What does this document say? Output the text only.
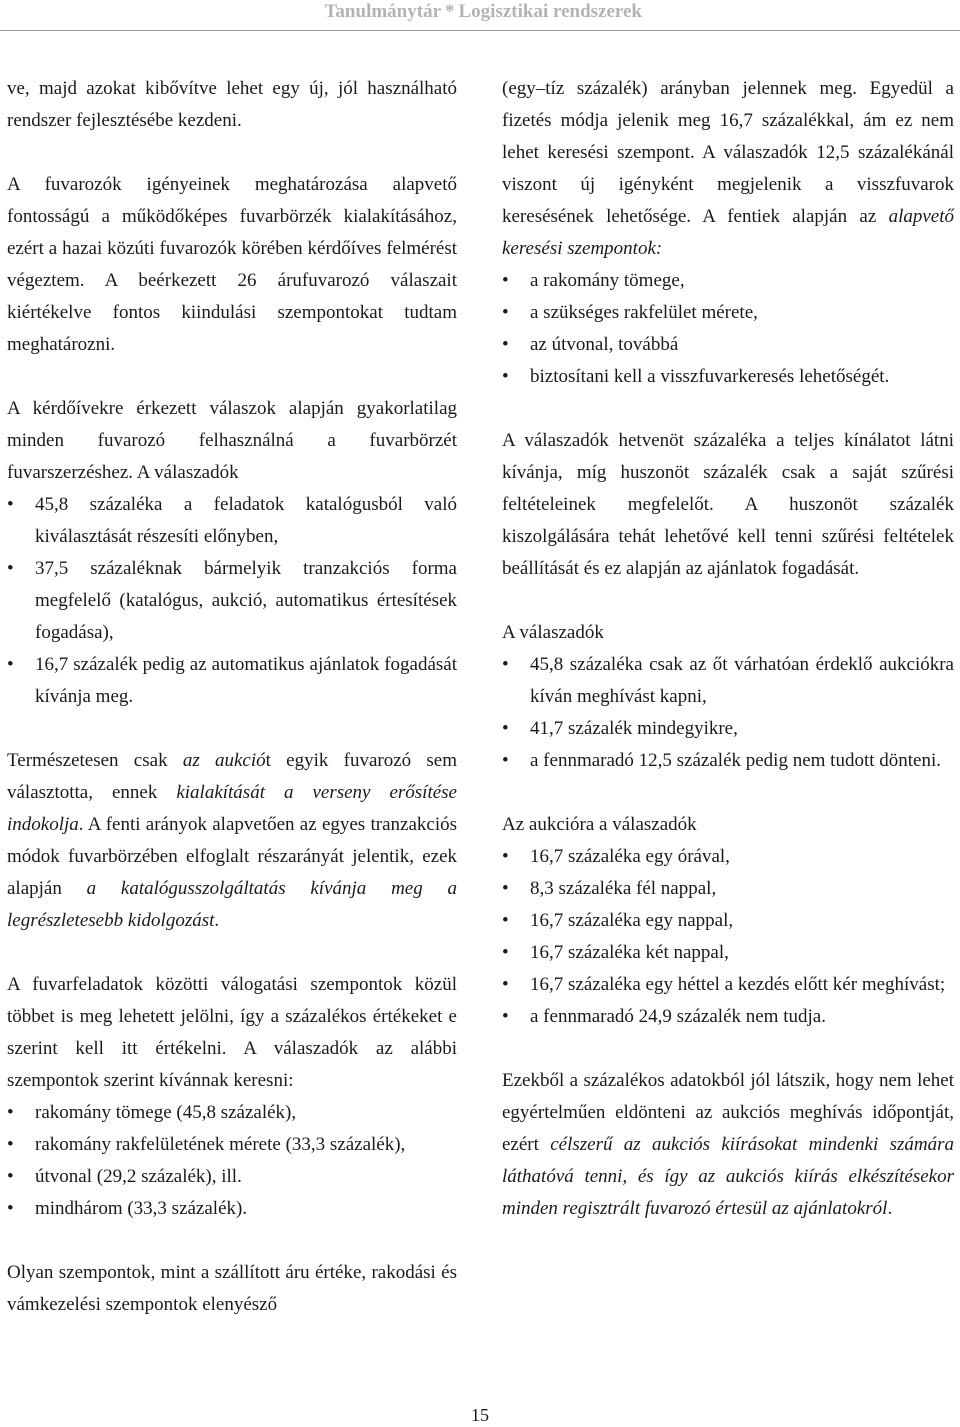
Tanulmánytár * Logisztikai rendszerek

ve, majd azokat kibővítve lehet egy új, jól használható rendszer fejlesztésébe kezdeni.

A fuvarozók igényeinek meghatározása alapvető fontosságú a működőképes fuvarbörzék kialakításához, ezért a hazai közúti fuvarozók körében kérdőíves felmérést végeztem. A beérkezett 26 árufuvarozó válaszait kiértékelve fontos kiindulási szempontokat tudtam meghatározni.

A kérdőívekre érkezett válaszok alapján gyakorlatilag minden fuvarozó felhasználná a fuvarbörzét fuvarszerzéshez. A válaszadók

• 45,8 százaléka a feladatok katalógusból való kiválasztását részesíti előnyben,
• 37,5 százaléknak bármelyik tranzakciós forma megfelelő (katalógus, aukció, automatikus értesítések fogadása),
• 16,7 százalék pedig az automatikus ajánlatok fogadását kívánja meg.

Természetesen csak az aukciót egyik fuvarozó sem választotta, ennek kialakítását a verseny erősítése indokolja. A fenti arányok alapvetően az egyes tranzakciós módok fuvarbörzében elfoglalt részarányát jelentik, ezek alapján a katalógusszolgáltatás kívánja meg a legrészletesebb kidolgozást.

A fuvarfeladatok közötti válogatási szempontok közül többet is meg lehetett jelölni, így a százalékos értékeket e szerint kell itt értékelni. A válaszadók az alábbi szempontok szerint kívánnak keresni:

• rakomány tömege (45,8 százalék),
• rakomány rakfelületének mérete (33,3 százalék),
• útvonal (29,2 százalék), ill.
• mindhárom (33,3 százalék).

Olyan szempontok, mint a szállított áru értéke, rakodási és vámkezelési szempontok elenyésző

(egy–tíz százalék) arányban jelennek meg. Egyedül a fizetés módja jelenik meg 16,7 százalékkal, ám ez nem lehet keresési szempont. A válaszadók 12,5 százalékánál viszont új igényként megjelenik a visszfuvarok keresésének lehetősége. A fentiek alapján az alapvető keresési szempontok:

• a rakomány tömege,
• a szükséges rakfelület mérete,
• az útvonal, továbbá
• biztosítani kell a visszfuvarkeresés lehetőségét.

A válaszadók hetvenöt százaléka a teljes kínálatot látni kívánja, míg huszonöt százalék csak a saját szűrési feltételeinek megfelelőt. A huszonöt százalék kiszolgálására tehát lehetővé kell tenni szűrési feltételek beállítását és ez alapján az ajánlatok fogadását.

A válaszadók

• 45,8 százaléka csak az őt várhatóan érdeklő aukciókra kíván meghívást kapni,
• 41,7 százalék mindegyikre,
• a fennmaradó 12,5 százalék pedig nem tudott dönteni.

Az aukcióra a válaszadók

• 16,7 százaléka egy órával,
• 8,3 százaléka fél nappal,
• 16,7 százaléka egy nappal,
• 16,7 százaléka két nappal,
• 16,7 százaléka egy héttel a kezdés előtt kér meghívást;
• a fennmaradó 24,9 százalék nem tudja.

Ezekből a százalékos adatokból jól látszik, hogy nem lehet egyértelműen eldönteni az aukciós meghívás időpontját, ezért célszerű az aukciós kiírásokat mindenki számára láthatóvá tenni, és így az aukciós kiírás elkészítésekor minden regisztrált fuvarozó értesül az ajánlatokról.

15
